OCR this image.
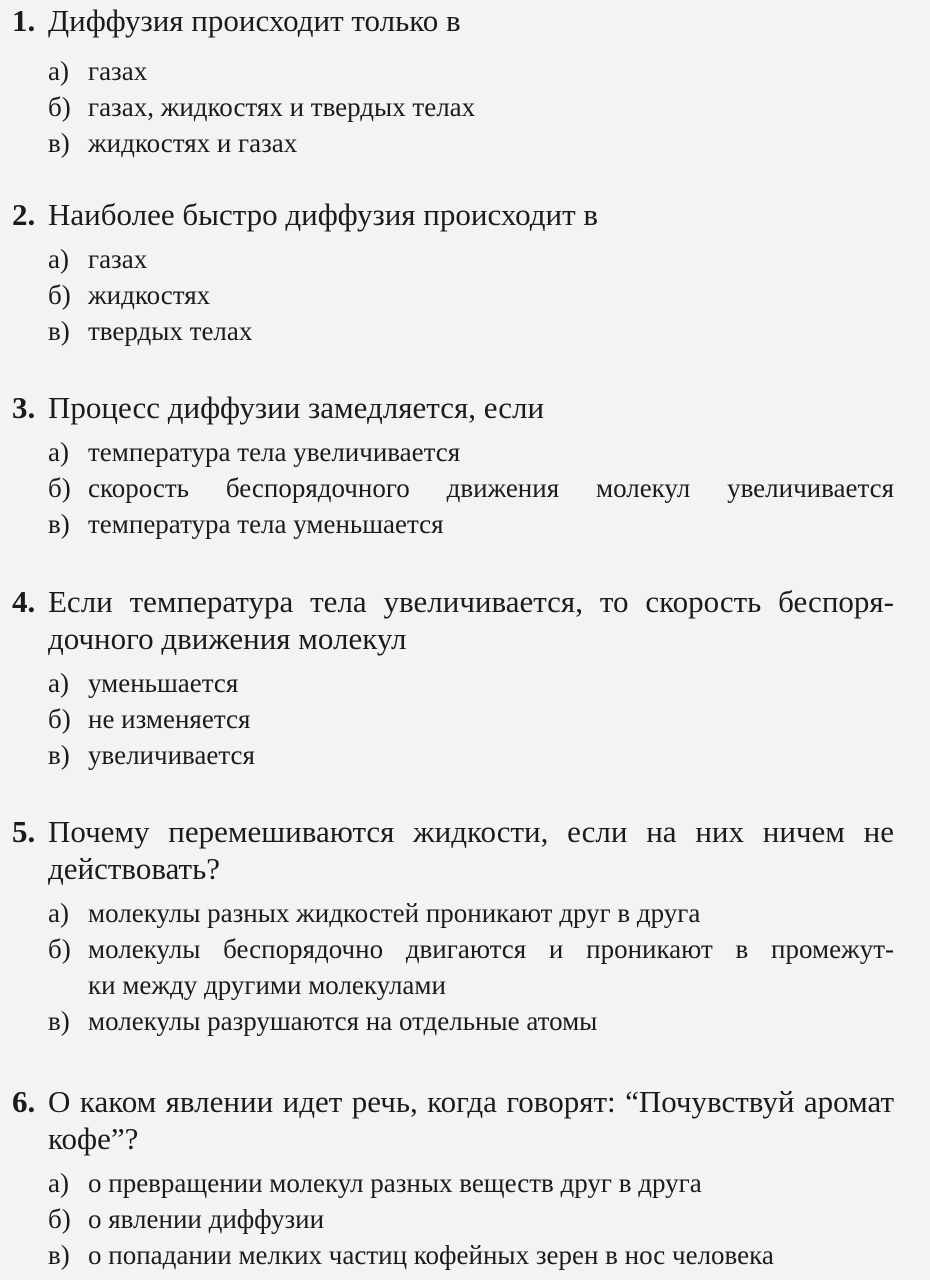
1. Диффузия происходит только в
а) газах
б) газах, жидкостях и твердых телах
в) жидкостях и газах
2. Наиболее быстро диффузия происходит в
а) газах
б) жидкостях
в) твердых телах
3. Процесс диффузии замедляется, если
а) температура тела увеличивается
б) скорость беспорядочного движения молекул увеличивается
в) температура тела уменьшается
4. Если температура тела увеличивается, то скорость беспоря-
дочного движения молекул
а) уменьшается
б) не изменяется
в) увеличивается
5. Почему перемешиваются жидкости, если на них ничем не действовать?
а) молекулы разных жидкостей проникают друг в друга
б) молекулы беспорядочно двигаются и проникают в промежут-
ки между другими молекулами
в) молекулы разрушаются на отдельные атомы
6. О каком явлении идет речь, когда говорят: “Почувствуй аромат кофе”?
а) о превращении молекул разных веществ друг в друга
б) о явлении диффузии
в) о попадании мелких частиц кофейных зерен в нос человека
